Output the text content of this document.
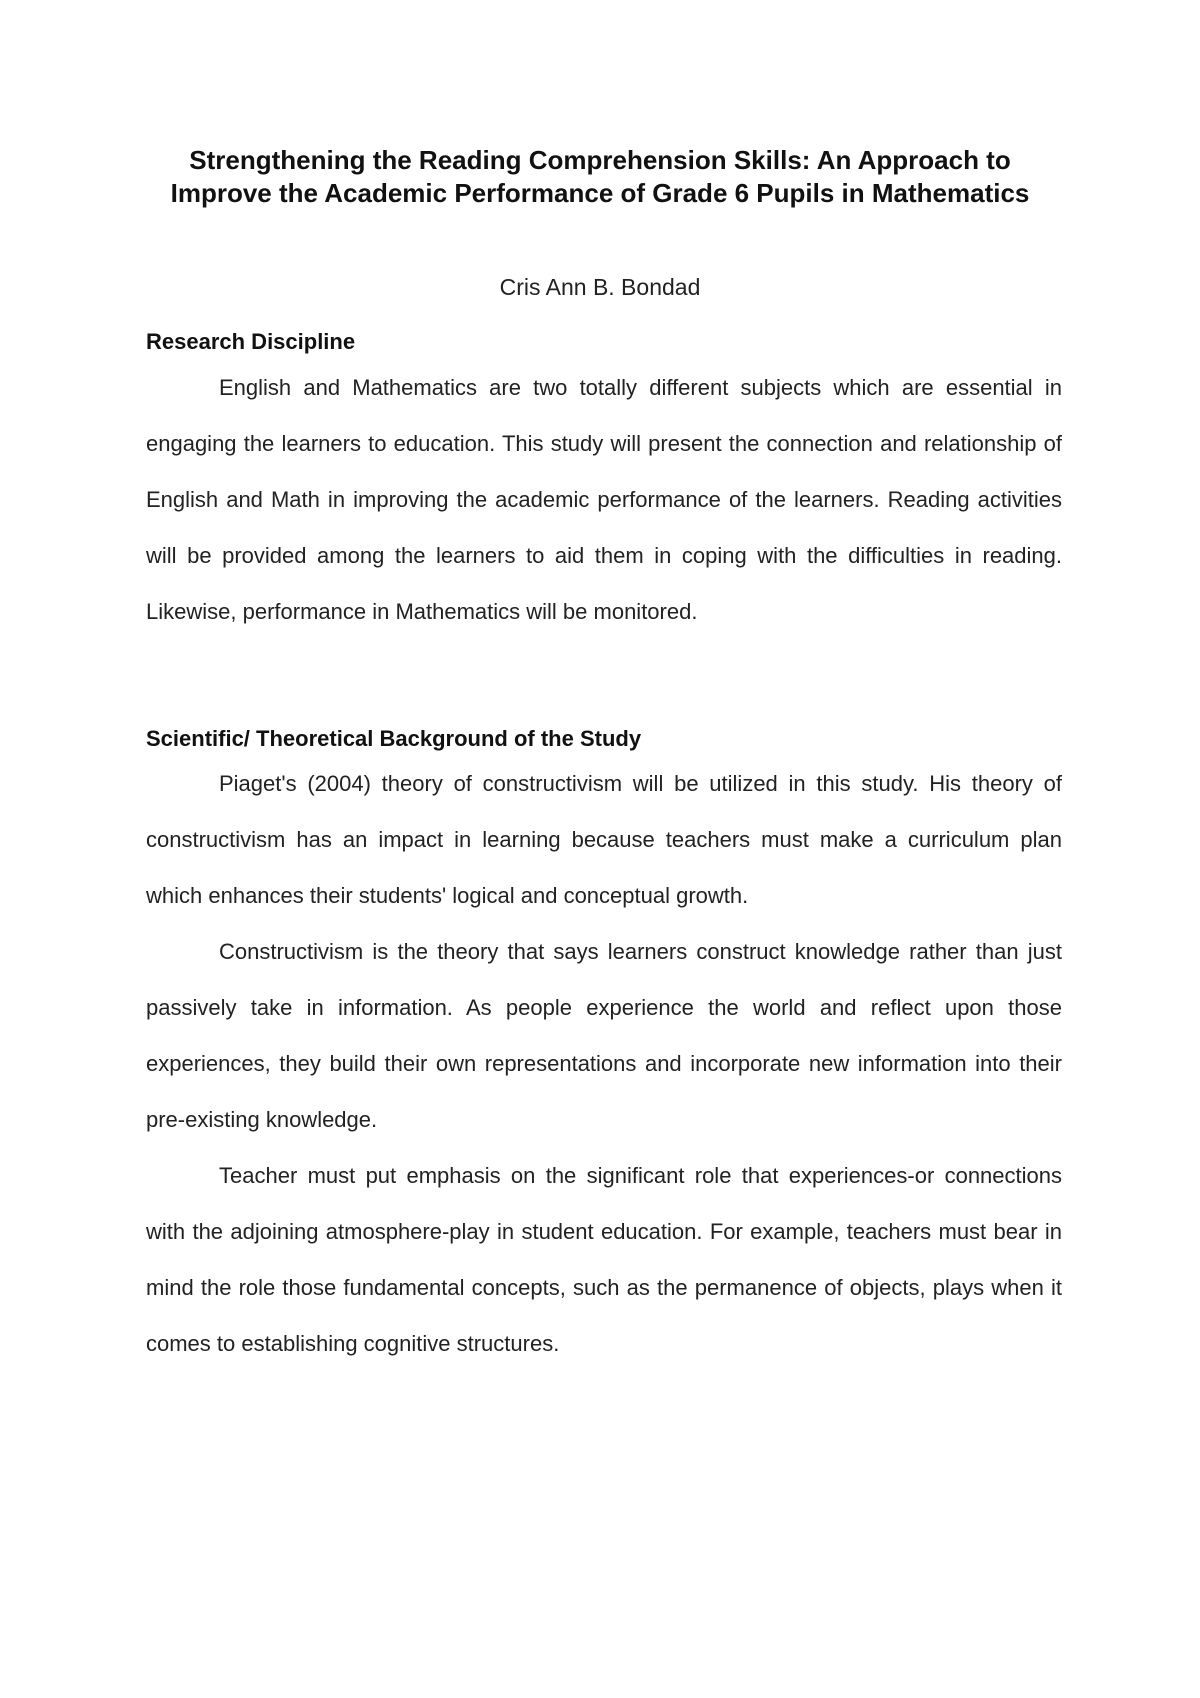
Strengthening the Reading Comprehension Skills: An Approach to Improve the Academic Performance of Grade 6 Pupils in Mathematics

Cris Ann B. Bondad

Research Discipline

English and Mathematics are two totally different subjects which are essential in engaging the learners to education. This study will present the connection and relationship of English and Math in improving the academic performance of the learners. Reading activities will be provided among the learners to aid them in coping with the difficulties in reading. Likewise, performance in Mathematics will be monitored.

Scientific/ Theoretical Background of the Study

Piaget's (2004) theory of constructivism will be utilized in this study. His theory of constructivism has an impact in learning because teachers must make a curriculum plan which enhances their students' logical and conceptual growth.

Constructivism is the theory that says learners construct knowledge rather than just passively take in information. As people experience the world and reflect upon those experiences, they build their own representations and incorporate new information into their pre-existing knowledge.

Teacher must put emphasis on the significant role that experiences-or connections with the adjoining atmosphere-play in student education. For example, teachers must bear in mind the role those fundamental concepts, such as the permanence of objects, plays when it comes to establishing cognitive structures.
